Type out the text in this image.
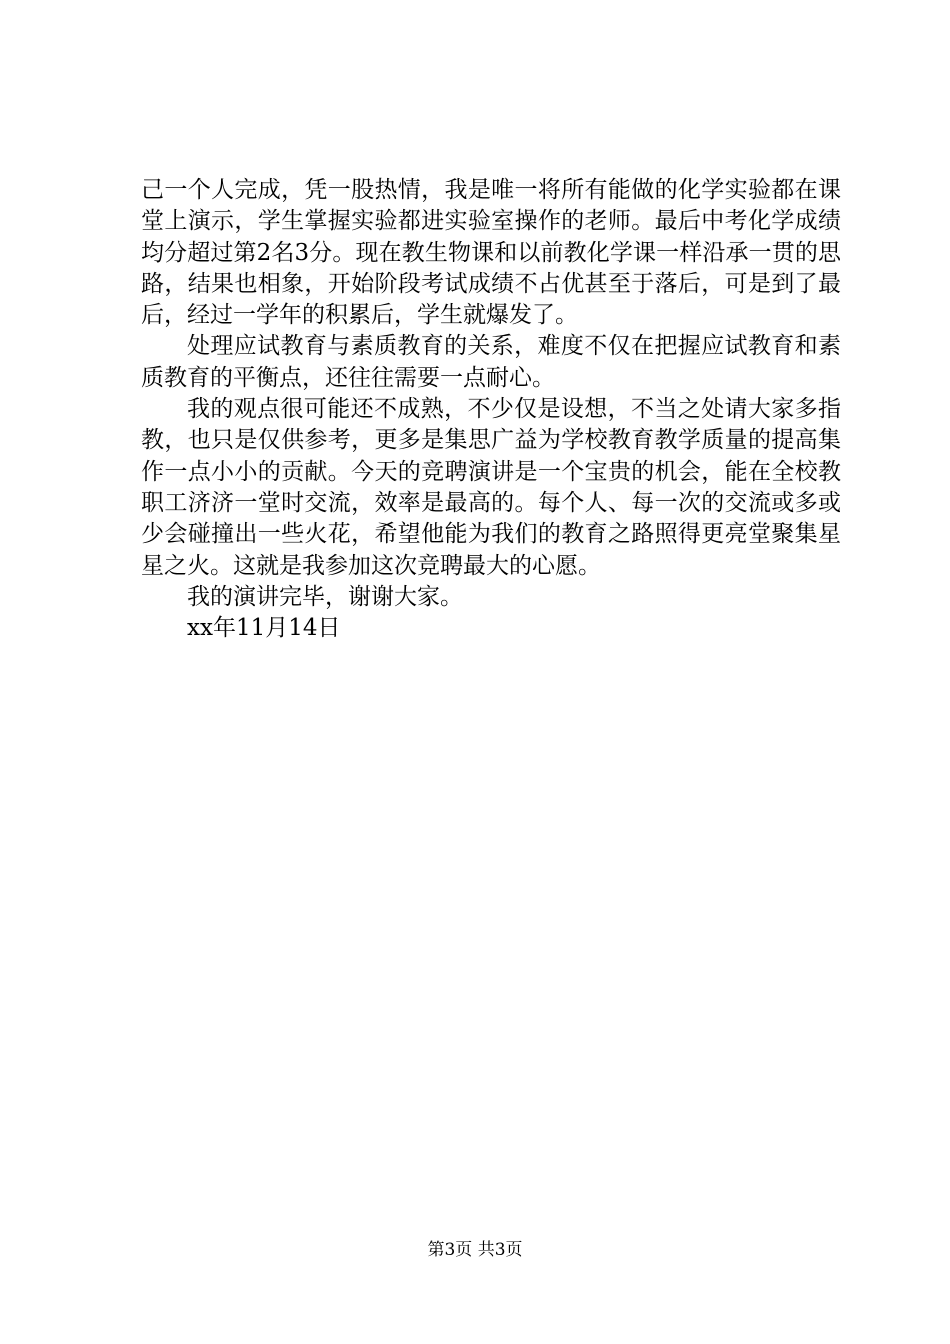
己一个人完成，凭一股热情，我是唯一将所有能做的化学实验都在课堂上演示，学生掌握实验都进实验室操作的老师。最后中考化学成绩均分超过第2名3分。现在教生物课和以前教化学课一样沿承一贯的思路，结果也相象，开始阶段考试成绩不占优甚至于落后，可是到了最后，经过一学年的积累后，学生就爆发了。

处理应试教育与素质教育的关系，难度不仅在把握应试教育和素质教育的平衡点，还往往需要一点耐心。

我的观点很可能还不成熟，不少仅是设想，不当之处请大家多指教，也只是仅供参考，更多是集思广益为学校教育教学质量的提高集作一点小小的贡献。今天的竞聘演讲是一个宝贵的机会，能在全校教职工济济一堂时交流，效率是最高的。每个人、每一次的交流或多或少会碰撞出一些火花，希望他能为我们的教育之路照得更亮堂聚集星星之火。这就是我参加这次竞聘最大的心愿。

我的演讲完毕，谢谢大家。

xx年11月14日

第3页 共3页
